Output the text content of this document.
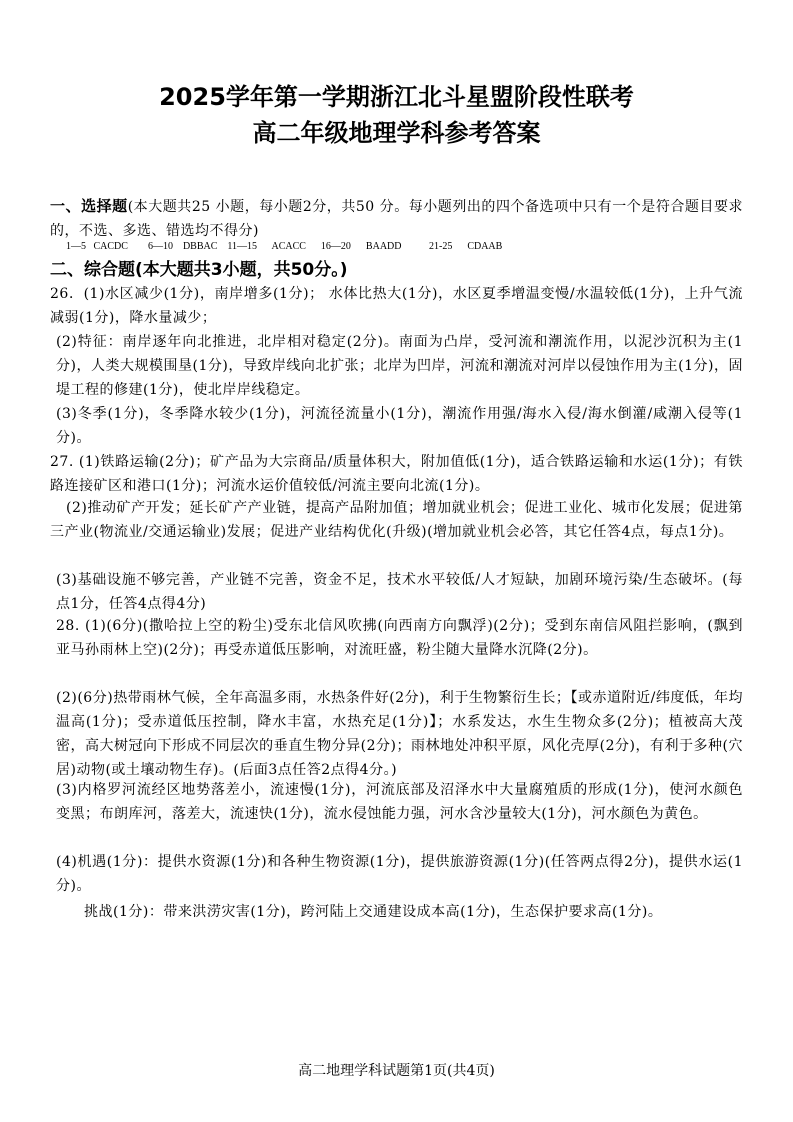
2025学年第一学期浙江北斗星盟阶段性联考
高二年级地理学科参考答案
一、选择题(本大题共25 小题，每小题2分，共50 分。每小题列出的四个备选项中只有一个是符合题目要求的，不选、多选、错选均不得分)
1—5   CACDC        6—10    DBBAC    11—15      ACACC      16—20      BAADD           21-25      CDAAB
二、综合题(本大题共3小题，共50分。)
26．(1)水区减少(1分)，南岸增多(1分)； 水体比热大(1分)，水区夏季增温变慢/水温较低(1分)，上升气流减弱(1分)，降水量减少；
(2)特征：南岸逐年向北推进，北岸相对稳定(2分)。南面为凸岸，受河流和潮流作用，以泥沙沉积为主(1分)，人类大规模围垦(1分)，导致岸线向北扩张；北岸为凹岸，河流和潮流对河岸以侵蚀作用为主(1分)，固堤工程的修建(1分)，使北岸岸线稳定。
(3)冬季(1分)，冬季降水较少(1分)，河流径流量小(1分)，潮流作用强/海水入侵/海水倒灌/咸潮入侵等(1分)。
27. (1)铁路运输(2分)；矿产品为大宗商品/质量体积大，附加值低(1分)，适合铁路运输和水运(1分)；有铁路连接矿区和港口(1分)；河流水运价值较低/河流主要向北流(1分)。
(2)推动矿产开发；延长矿产产业链，提高产品附加值；增加就业机会；促进工业化、城市化发展；促进第三产业(物流业/交通运输业)发展；促进产业结构优化(升级)(增加就业机会必答，其它任答4点，每点1分)。
(3)基础设施不够完善，产业链不完善，资金不足，技术水平较低/人才短缺，加剧环境污染/生态破坏。(每点1分，任答4点得4分)
28. (1)(6分)(撒哈拉上空的粉尘)受东北信风吹拂(向西南方向飘浮)(2分)；受到东南信风阻拦影响，(飘到亚马孙雨林上空)(2分)；再受赤道低压影响，对流旺盛，粉尘随大量降水沉降(2分)。
(2)(6分)热带雨林气候，全年高温多雨，水热条件好(2分)，利于生物繁衍生长；【或赤道附近/纬度低，年均温高(1分)；受赤道低压控制，降水丰富，水热充足(1分)】；水系发达，水生生物众多(2分)；植被高大茂密，高大树冠向下形成不同层次的垂直生物分异(2分)；雨林地处冲积平原，风化壳厚(2分)，有利于多种(穴居)动物(或土壤动物生存)。(后面3点任答2点得4分。)
(3)内格罗河流经区地势落差小，流速慢(1分)，河流底部及沼泽水中大量腐殖质的形成(1分)，使河水颜色变黑；布朗库河，落差大，流速快(1分)，流水侵蚀能力强，河水含沙量较大(1分)，河水颜色为黄色。
(4)机遇(1分)：提供水资源(1分)和各种生物资源(1分)，提供旅游资源(1分)(任答两点得2分)，提供水运(1分)。
挑战(1分)：带来洪涝灾害(1分)，跨河陆上交通建设成本高(1分)，生态保护要求高(1分)。
高二地理学科试题第1页(共4页)
